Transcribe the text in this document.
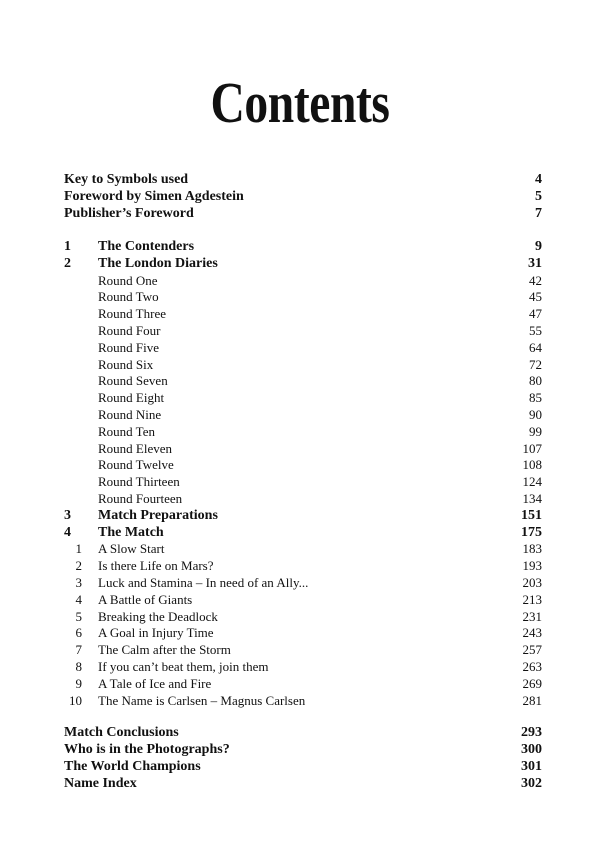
Contents
Key to Symbols used	4
Foreword by Simen Agdestein	5
Publisher’s Foreword	7
1 The Contenders	9
2 The London Diaries	31
Round One	42
Round Two	45
Round Three	47
Round Four	55
Round Five	64
Round Six	72
Round Seven	80
Round Eight	85
Round Nine	90
Round Ten	99
Round Eleven	107
Round Twelve	108
Round Thirteen	124
Round Fourteen	134
3 Match Preparations	151
4 The Match	175
1 A Slow Start	183
2 Is there Life on Mars?	193
3 Luck and Stamina – In need of an Ally...	203
4 A Battle of Giants	213
5 Breaking the Deadlock	231
6 A Goal in Injury Time	243
7 The Calm after the Storm	257
8 If you can’t beat them, join them	263
9 A Tale of Ice and Fire	269
10 The Name is Carlsen – Magnus Carlsen	281
Match Conclusions	293
Who is in the Photographs?	300
The World Champions	301
Name Index	302
